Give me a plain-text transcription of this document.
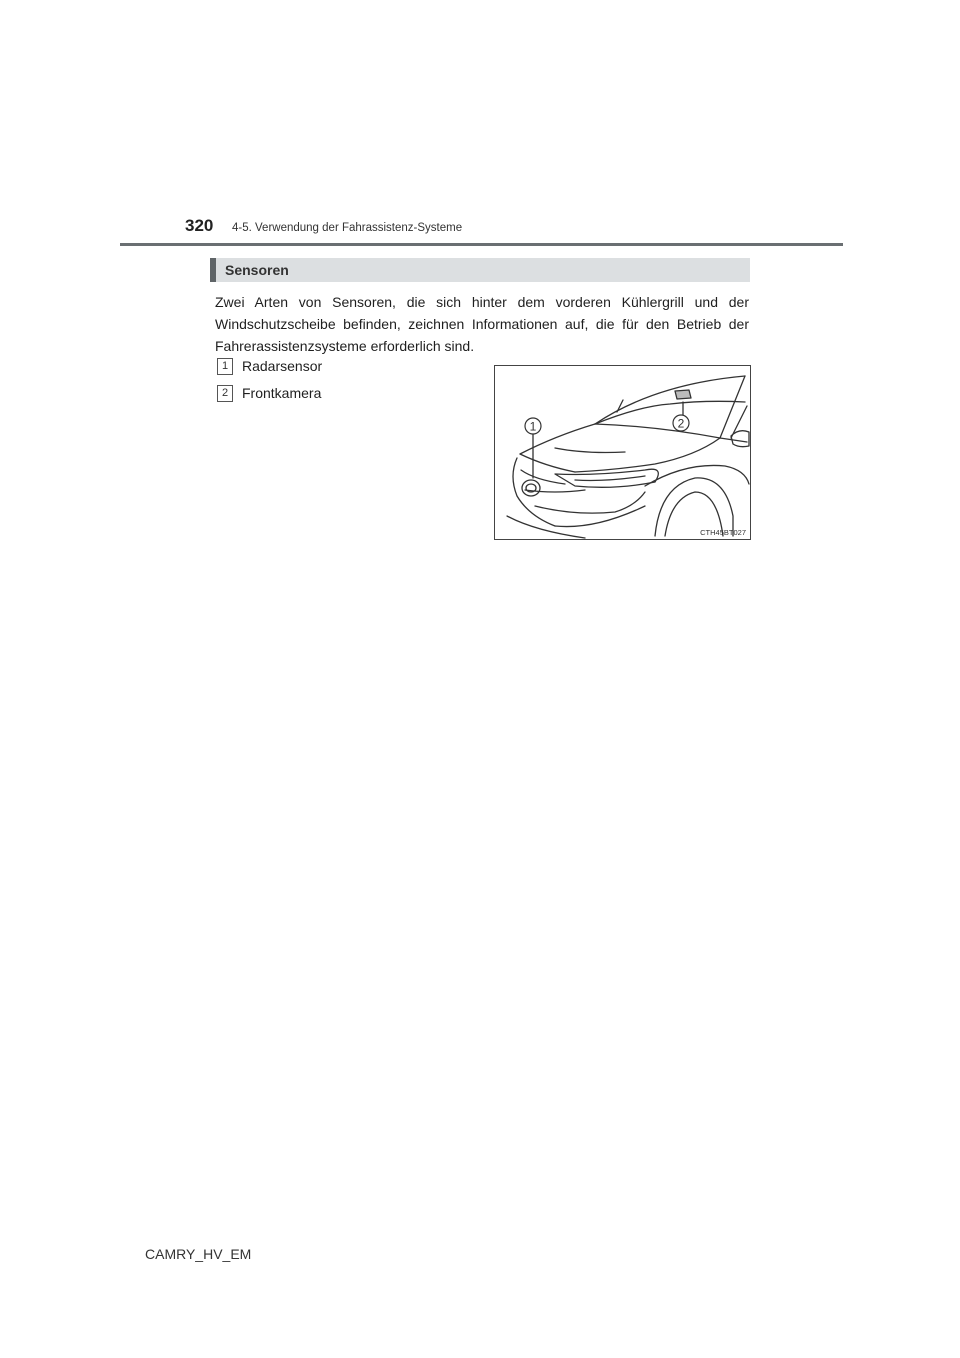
320 4-5. Verwendung der Fahrassistenz-Systeme
Sensoren
Zwei Arten von Sensoren, die sich hinter dem vorderen Kühlergrill und der Windschutzscheibe befinden, zeichnen Informationen auf, die für den Betrieb der Fahrerassistenzsysteme erforderlich sind.
1 Radarsensor
2 Frontkamera
1	2
CTH45BT027
CAMRY_HV_EM
